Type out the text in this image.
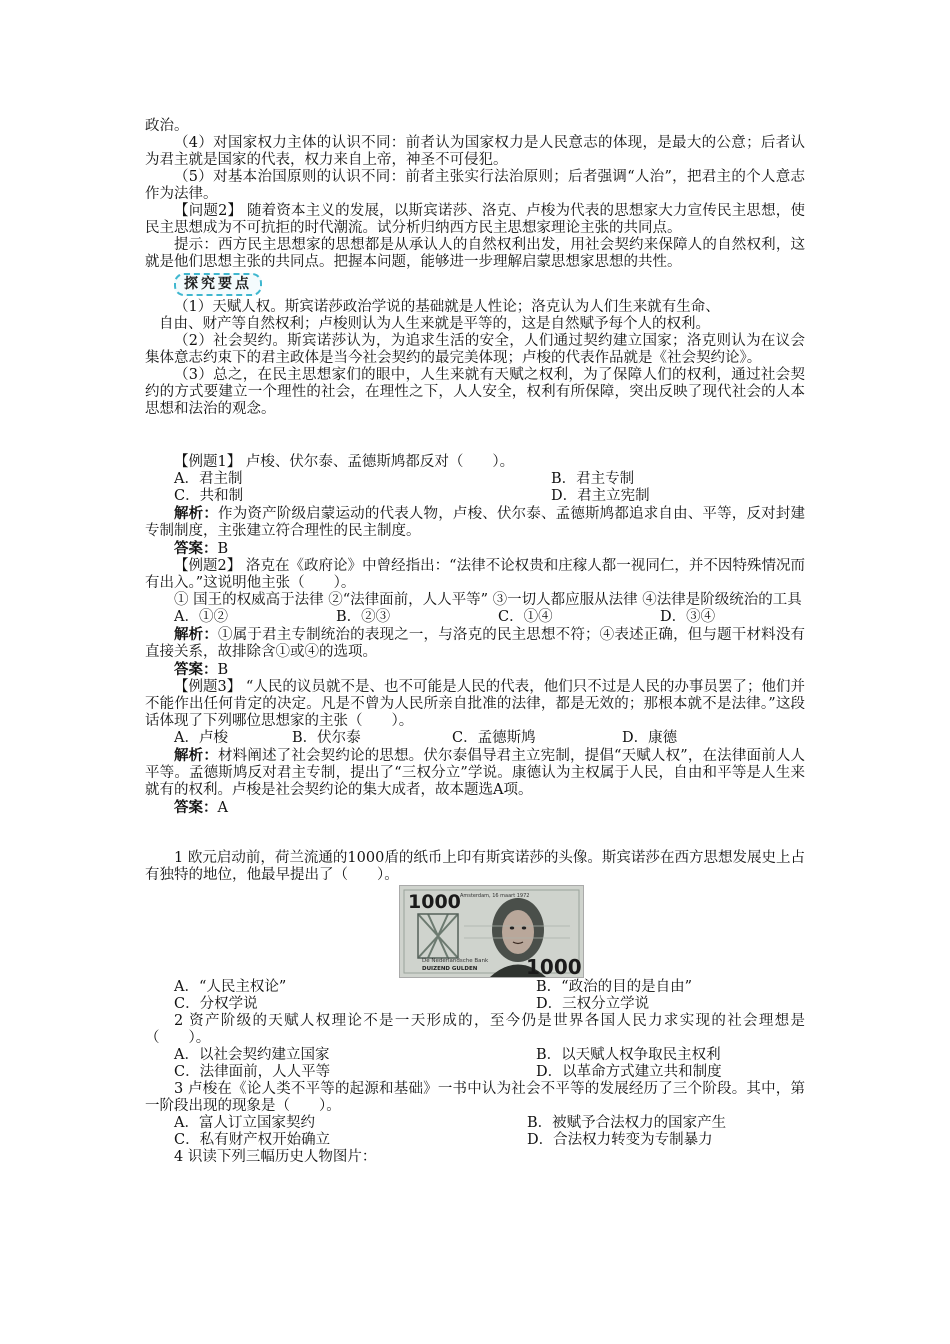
政治。

（4）对国家权力主体的认识不同：前者认为国家权力是人民意志的体现，是最大的公意；后者认为君主就是国家的代表，权力来自上帝，神圣不可侵犯。

（5）对基本治国原则的认识不同：前者主张实行法治原则；后者强调“人治”，把君主的个人意志作为法律。

【问题2】 随着资本主义的发展，以斯宾诺莎、洛克、卢梭为代表的思想家大力宣传民主思想，使民主思想成为不可抗拒的时代潮流。试分析归纳西方民主思想家理论主张的共同点。

提示：西方民主思想家的思想都是从承认人的自然权利出发，用社会契约来保障人的自然权利，这就是他们思想主张的共同点。把握本问题，能够进一步理解启蒙思想家思想的共性。

探究要点

（1）天赋人权。斯宾诺莎政治学说的基础就是人性论；洛克认为人们生来就有生命、

自由、财产等自然权利；卢梭则认为人生来就是平等的，这是自然赋予每个人的权利。

（2）社会契约。斯宾诺莎认为，为追求生活的安全，人们通过契约建立国家；洛克则认为在议会集体意志约束下的君主政体是当今社会契约的最完美体现；卢梭的代表作品就是《社会契约论》。

（3）总之，在民主思想家们的眼中，人生来就有天赋之权利，为了保障人们的权利，通过社会契约的方式要建立一个理性的社会，在理性之下，人人安全，权利有所保障，突出反映了现代社会的人本思想和法治的观念。

【例题1】 卢梭、伏尔泰、孟德斯鸠都反对（　　）。

A．君主制	B．君主专制
C．共和制	D．君主立宪制

解析：作为资产阶级启蒙运动的代表人物，卢梭、伏尔泰、孟德斯鸠都追求自由、平等，反对封建专制制度，主张建立符合理性的民主制度。

答案：B

【例题2】 洛克在《政府论》中曾经指出：“法律不论权贵和庄稼人都一视同仁，并不因特殊情况而有出入。”这说明他主张（　　）。

① 国王的权威高于法律 ②“法律面前，人人平等” ③一切人都应服从法律 ④法律是阶级统治的工具

A．①②	B．②③	C．①④	D．③④

解析：①属于君主专制统治的表现之一，与洛克的民主思想不符；④表述正确，但与题干材料没有直接关系，故排除含①或④的选项。

答案：B

【例题3】 “人民的议员就不是、也不可能是人民的代表，他们只不过是人民的办事员罢了；他们并不能作出任何肯定的决定。凡是不曾为人民所亲自批准的法律，都是无效的；那根本就不是法律。”这段话体现了下列哪位思想家的主张（　　）。

A．卢梭	B．伏尔泰	C．孟德斯鸠	D．康德

解析：材料阐述了社会契约论的思想。伏尔泰倡导君主立宪制，提倡“天赋人权”，在法律面前人人平等。孟德斯鸠反对君主专制，提出了“三权分立”学说。康德认为主权属于人民，自由和平等是人生来就有的权利。卢梭是社会契约论的集大成者，故本题选A项。

答案：A

1 欧元启动前，荷兰流通的1000盾的纸币上印有斯宾诺莎的头像。斯宾诺莎在西方思想发展史上占有独特的地位，他最早提出了（　　）。

1000 Amsterdam, 16 maart 1972
De Nederlandsche Bank
DUIZEND GULDEN 1000
A．“人民主权论”	B．“政治的目的是自由”
C．分权学说	D．三权分立学说

2 资产阶级的天赋人权理论不是一天形成的，至今仍是世界各国人民力求实现的社会理想是（　　）。

A．以社会契约建立国家	B．以天赋人权争取民主权利
C．法律面前，人人平等	D．以革命方式建立共和制度

3 卢梭在《论人类不平等的起源和基础》一书中认为社会不平等的发展经历了三个阶段。其中，第一阶段出现的现象是（　　）。

A．富人订立国家契约	B．被赋予合法权力的国家产生
C．私有财产权开始确立	D．合法权力转变为专制暴力

4 识读下列三幅历史人物图片：
